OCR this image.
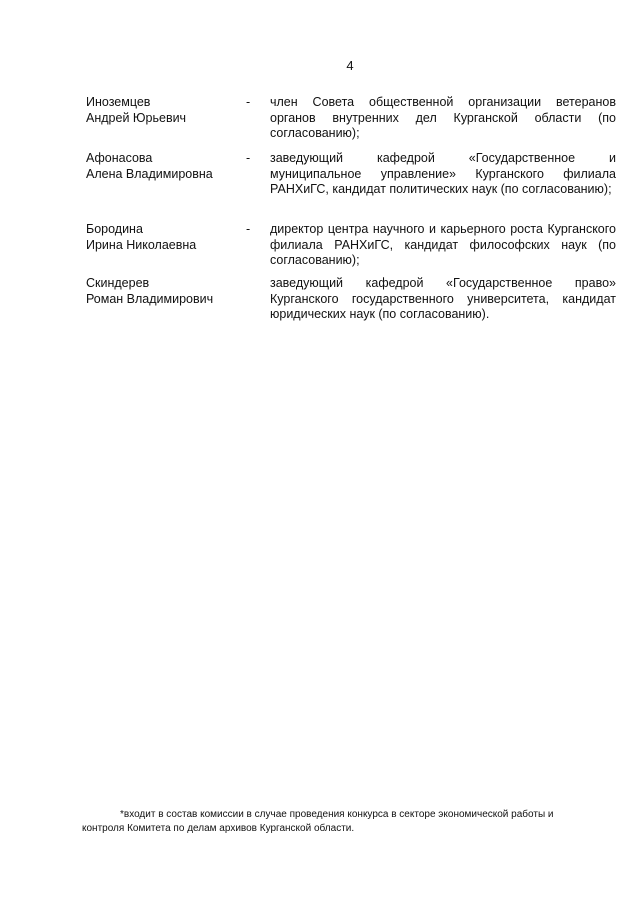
4
Иноземцев
Андрей Юрьевич
-	член Совета общественной организации ветеранов органов внутренних дел Курганской области (по согласованию);
Афонасова
Алена Владимировна
-	заведующий кафедрой «Государственное и муниципальное управление» Курганского филиала РАНХиГС, кандидат политических наук (по согласованию);
Бородина
Ирина Николаевна
-	директор центра научного и карьерного роста Курганского филиала РАНХиГС, кандидат философских наук (по согласованию);
Скиндерев
Роман Владимирович
заведующий кафедрой «Государственное право» Курганского государственного университета, кандидат юридических наук (по согласованию).
*входит в состав комиссии в случае проведения конкурса в секторе экономической работы и
контроля Комитета по делам архивов Курганской области.
